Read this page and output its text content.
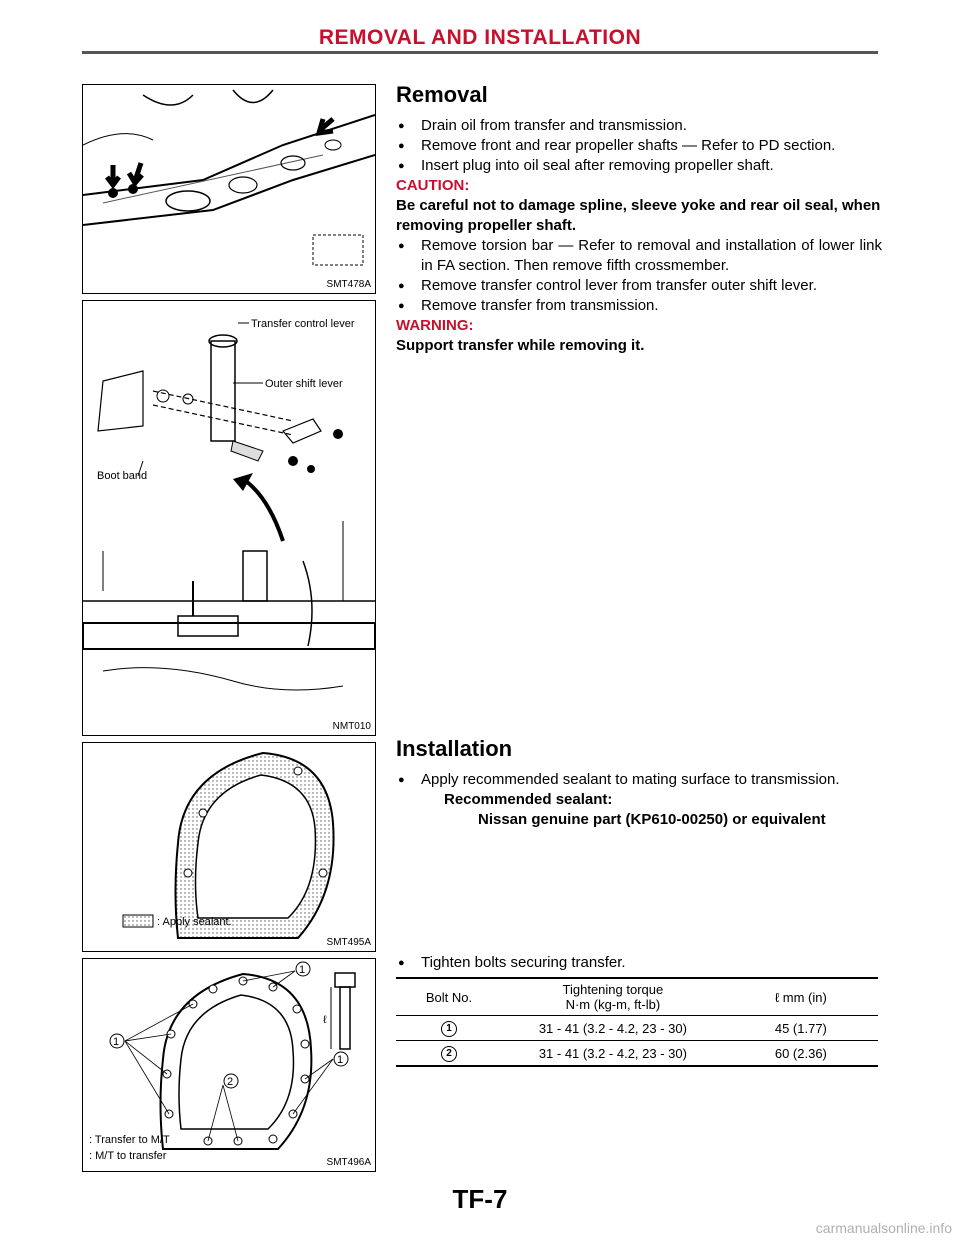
REMOVAL AND INSTALLATION
SMT478A
Transfer control lever
Outer shift lever
Boot band
NMT010
: Apply sealant.
SMT495A
1
1
1
2
ℓ
: Transfer to M/T
: M/T to transfer
SMT496A
Removal
● Drain oil from transfer and transmission.
● Remove front and rear propeller shafts — Refer to PD section.
● Insert plug into oil seal after removing propeller shaft.
CAUTION:
Be careful not to damage spline, sleeve yoke and rear oil seal, when removing propeller shaft.
● Remove torsion bar — Refer to removal and installation of lower link in FA section. Then remove fifth crossmember.
● Remove transfer control lever from transfer outer shift lever.
● Remove transfer from transmission.
WARNING:
Support transfer while removing it.
Installation
● Apply recommended sealant to mating surface to transmission.
Recommended sealant:
Nissan genuine part (KP610-00250) or equivalent
● Tighten bolts securing transfer.
Bolt No.	Tightening torque
N·m (kg-m, ft-lb)	ℓ mm (in)
1	31 - 41 (3.2 - 4.2, 23 - 30)	45 (1.77)
2	31 - 41 (3.2 - 4.2, 23 - 30)	60 (2.36)
TF-7
carmanualsonline.info
